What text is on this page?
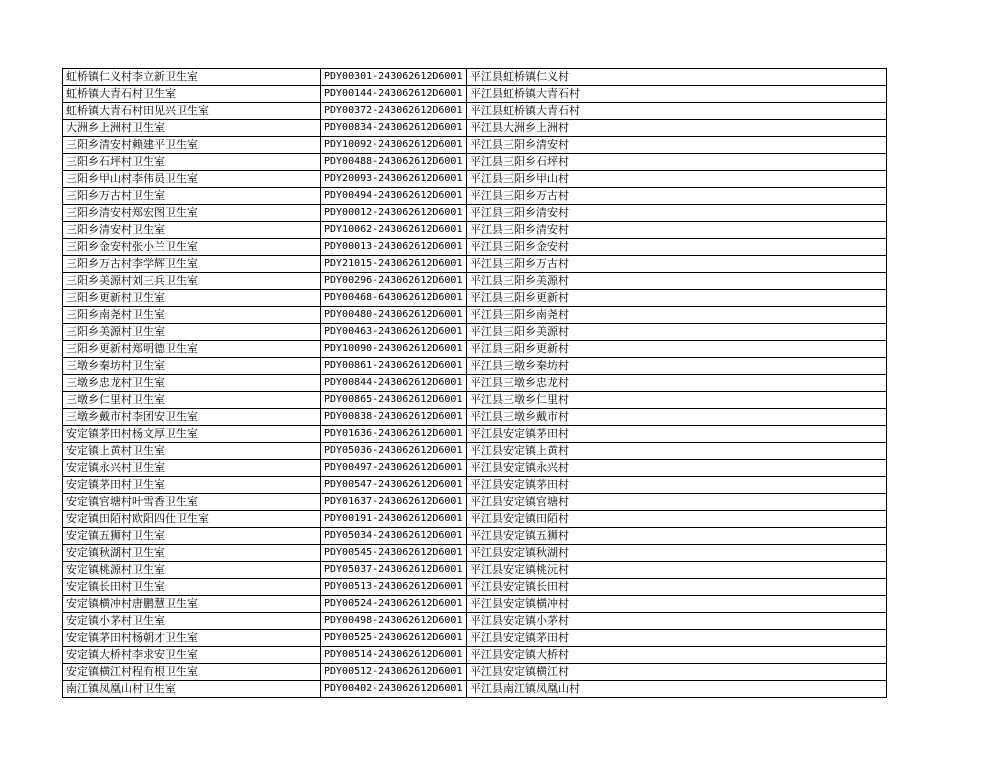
虹桥镇仁义村李立新卫生室	PDY00301-243062612D6001	平江县虹桥镇仁义村
虹桥镇大青石村卫生室	PDY00144-243062612D6001	平江县虹桥镇大青石村
虹桥镇大青石村田见兴卫生室	PDY00372-243062612D6001	平江县虹桥镇大青石村
大洲乡上洲村卫生室	PDY00834-243062612D6001	平江县大洲乡上洲村
三阳乡清安村赖建平卫生室	PDY10092-243062612D6001	平江县三阳乡清安村
三阳乡石坪村卫生室	PDY00488-243062612D6001	平江县三阳乡石坪村
三阳乡甲山村李伟员卫生室	PDY20093-243062612D6001	平江县三阳乡甲山村
三阳乡万古村卫生室	PDY00494-243062612D6001	平江县三阳乡万古村
三阳乡清安村郑宏图卫生室	PDY00012-243062612D6001	平江县三阳乡清安村
三阳乡清安村卫生室	PDY10062-243062612D6001	平江县三阳乡清安村
三阳乡金安村张小兰卫生室	PDY00013-243062612D6001	平江县三阳乡金安村
三阳乡万古村李学辉卫生室	PDY21015-243062612D6001	平江县三阳乡万古村
三阳乡美源村刘三兵卫生室	PDY00296-243062612D6001	平江县三阳乡美源村
三阳乡更新村卫生室	PDY00468-643062612D6001	平江县三阳乡更新村
三阳乡南尧村卫生室	PDY00480-243062612D6001	平江县三阳乡南尧村
三阳乡美源村卫生室	PDY00463-243062612D6001	平江县三阳乡美源村
三阳乡更新村郑明德卫生室	PDY10090-243062612D6001	平江县三阳乡更新村
三墩乡秦坊村卫生室	PDY00861-243062612D6001	平江县三墩乡秦坊村
三墩乡忠龙村卫生室	PDY00844-243062612D6001	平江县三墩乡忠龙村
三墩乡仁里村卫生室	PDY00865-243062612D6001	平江县三墩乡仁里村
三墩乡戴市村李团安卫生室	PDY00838-243062612D6001	平江县三墩乡戴市村
安定镇茅田村杨文厚卫生室	PDY01636-243062612D6001	平江县安定镇茅田村
安定镇上黄村卫生室	PDY05036-243062612D6001	平江县安定镇上黄村
安定镇永兴村卫生室	PDY00497-243062612D6001	平江县安定镇永兴村
安定镇茅田村卫生室	PDY00547-243062612D6001	平江县安定镇茅田村
安定镇官塘村叶雪香卫生室	PDY01637-243062612D6001	平江县安定镇官塘村
安定镇田陌村欧阳四仕卫生室	PDY00191-243062612D6001	平江县安定镇田陌村
安定镇五狮村卫生室	PDY05034-243062612D6001	平江县安定镇五狮村
安定镇秋湖村卫生室	PDY00545-243062612D6001	平江县安定镇秋湖村
安定镇桃源村卫生室	PDY05037-243062612D6001	平江县安定镇桃沅村
安定镇长田村卫生室	PDY00513-243062612D6001	平江县安定镇长田村
安定镇横冲村唐鹏慧卫生室	PDY00524-243062612D6001	平江县安定镇横冲村
安定镇小茅村卫生室	PDY00498-243062612D6001	平江县安定镇小茅村
安定镇茅田村杨朝才卫生室	PDY00525-243062612D6001	平江县安定镇茅田村
安定镇大桥村李求安卫生室	PDY00514-243062612D6001	平江县安定镇大桥村
安定镇横江村程有根卫生室	PDY00512-243062612D6001	平江县安定镇横江村
南江镇凤凰山村卫生室	PDY00402-243062612D6001	平江县南江镇凤凰山村
